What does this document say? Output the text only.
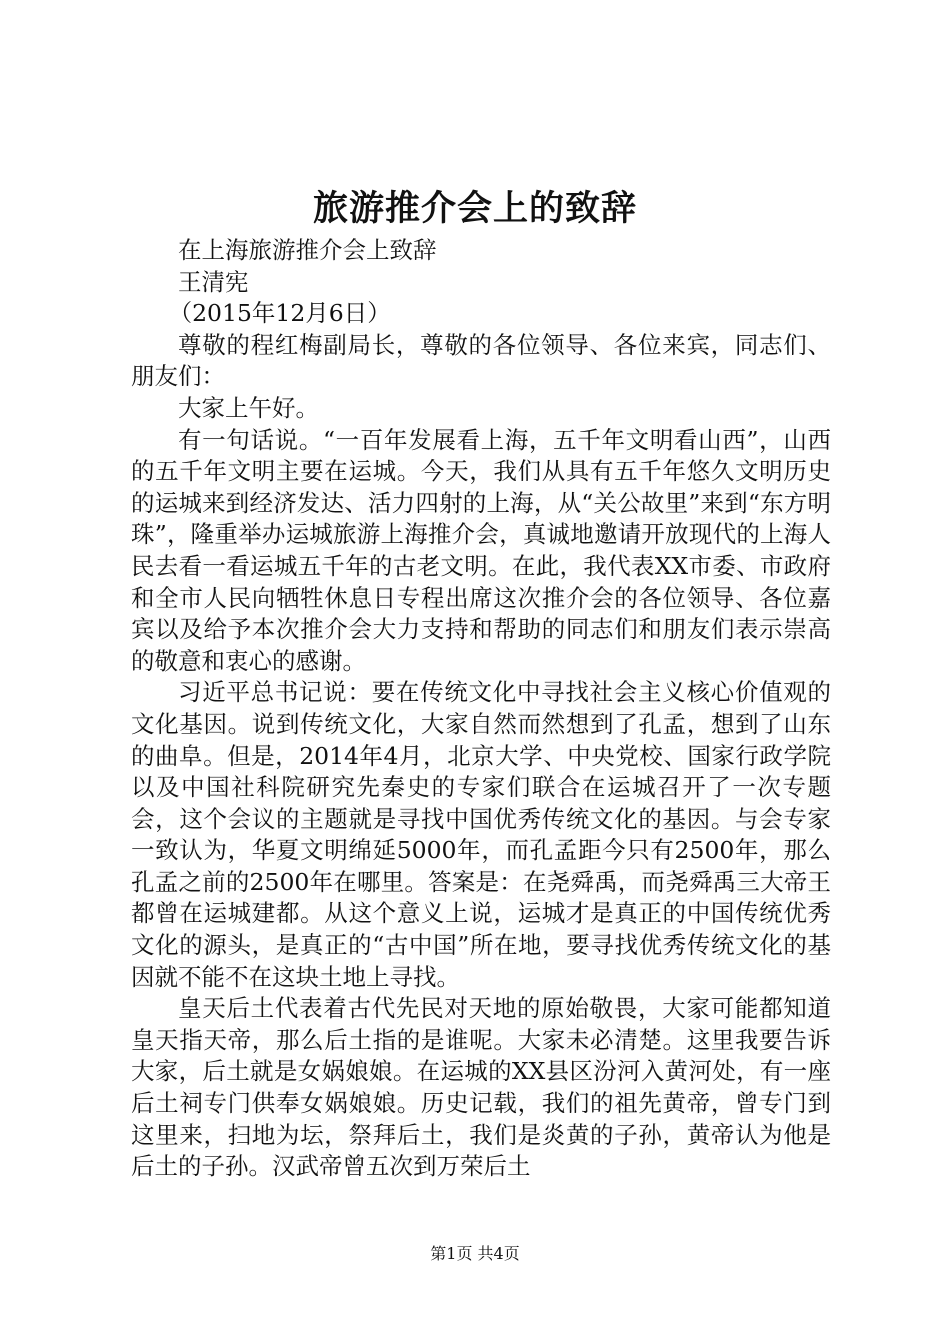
旅游推介会上的致辞

在上海旅游推介会上致辞

王清宪

（2015年12月6日）

尊敬的程红梅副局长，尊敬的各位领导、各位来宾，同志们、朋友们：

大家上午好。

有一句话说。“一百年发展看上海，五千年文明看山西”，山西的五千年文明主要在运城。今天，我们从具有五千年悠久文明历史的运城来到经济发达、活力四射的上海，从“关公故里”来到“东方明珠”，隆重举办运城旅游上海推介会，真诚地邀请开放现代的上海人民去看一看运城五千年的古老文明。在此，我代表XX市委、市政府和全市人民向牺牲休息日专程出席这次推介会的各位领导、各位嘉宾以及给予本次推介会大力支持和帮助的同志们和朋友们表示崇高的敬意和衷心的感谢。

习近平总书记说：要在传统文化中寻找社会主义核心价值观的文化基因。说到传统文化，大家自然而然想到了孔孟，想到了山东的曲阜。但是，2014年4月，北京大学、中央党校、国家行政学院以及中国社科院研究先秦史的专家们联合在运城召开了一次专题会，这个会议的主题就是寻找中国优秀传统文化的基因。与会专家一致认为，华夏文明绵延5000年，而孔孟距今只有2500年，那么孔孟之前的2500年在哪里。答案是：在尧舜禹，而尧舜禹三大帝王都曾在运城建都。从这个意义上说，运城才是真正的中国传统优秀文化的源头，是真正的“古中国”所在地，要寻找优秀传统文化的基因就不能不在这块土地上寻找。

皇天后土代表着古代先民对天地的原始敬畏，大家可能都知道皇天指天帝，那么后土指的是谁呢。大家未必清楚。这里我要告诉大家，后土就是女娲娘娘。在运城的XX县区汾河入黄河处，有一座后土祠专门供奉女娲娘娘。历史记载，我们的祖先黄帝，曾专门到这里来，扫地为坛，祭拜后土，我们是炎黄的子孙，黄帝认为他是后土的子孙。汉武帝曾五次到万荣后土

第1页 共4页
